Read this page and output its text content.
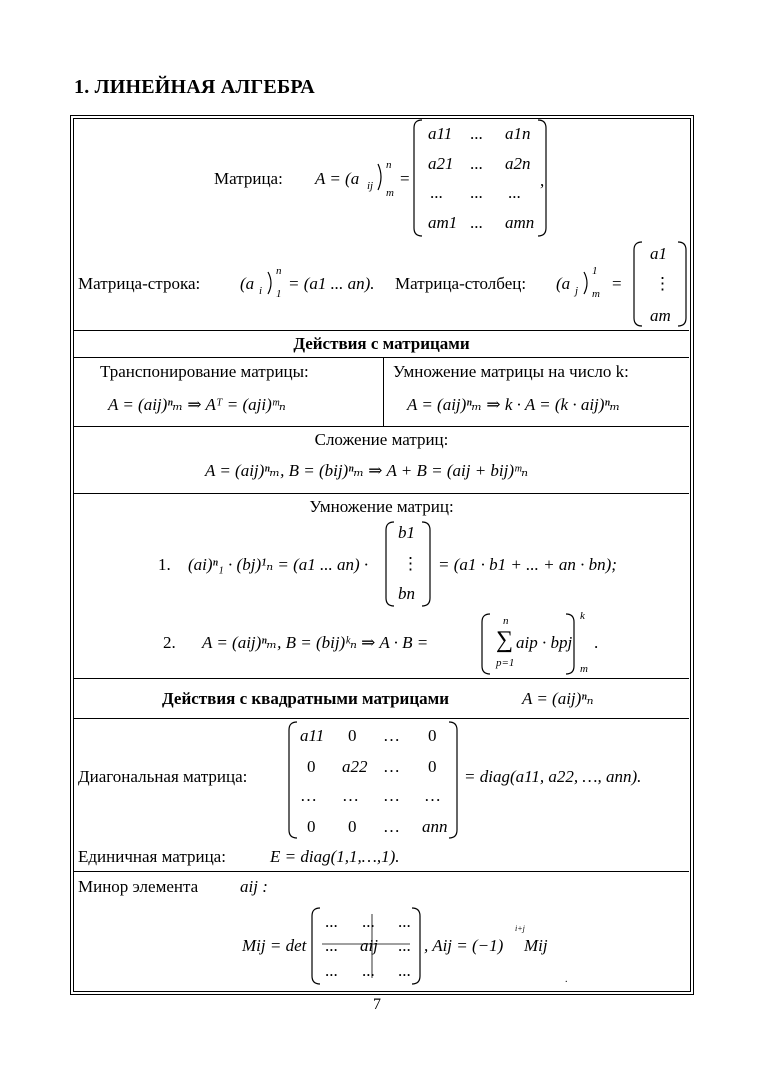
1. ЛИНЕЙНАЯ АЛГЕБРА
Матрица: A = (a ij
n
m
=
a11 ... a1n
a21 ... a2n
... ... ...
am1 ... amn
,
Матрица-строка: (a i
n
1
= (a1 ... an). Матрица-столбец: (a j
1
m
=
a1
⋮
am
Действия с матрицами
Транспонирование матрицы:
A = (aij)ⁿₘ ⇒ Aᵀ = (aji)ᵐₙ
Умножение матрицы на число k:
A = (aij)ⁿₘ ⇒ k · A = (k · aij)ⁿₘ
Сложение матриц:
A = (aij)ⁿₘ, B = (bij)ⁿₘ ⇒ A + B = (aij + bij)ᵐₙ
Умножение матриц:
1. (ai)ⁿ₁ · (bj)¹ₙ = (a1 ... an) ·
b1
⋮
bn
= (a1 · b1 + ... + an · bn);
2. A = (aij)ⁿₘ, B = (bij)ᵏₙ ⇒ A · B =
n
∑
p=1
aip · bpj
k
m
.
Действия с квадратными матрицами	A = (aij)ⁿₙ
Диагональная матрица:
a11 0 … 0
0 a22 … 0
… … … …
0 0 … ann
= diag(a11, a22, …, ann).
Единичная матрица:	E = diag(1,1,…,1).
Минор элемента aij :
Mij = det
... ... ...
... aij ...
... ... ...
, Aij = (−1)
i+j
Mij
.
7
